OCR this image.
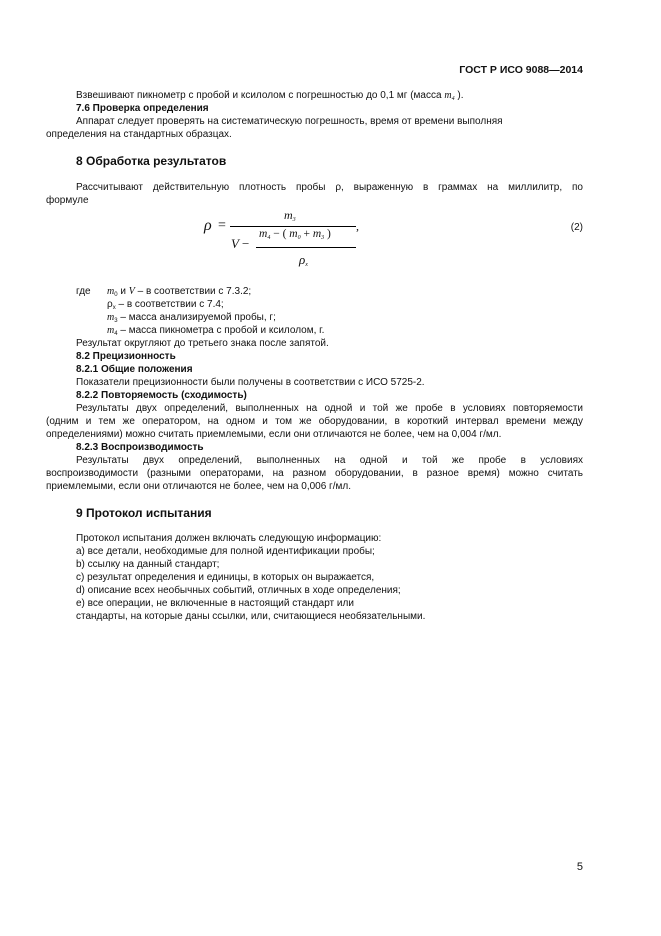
ГОСТ Р ИСО 9088—2014
Взвешивают пикнометр с пробой и ксилолом с погрешностью до 0,1 мг (масса $m_4$ ).
7.6 Проверка определения
Аппарат следует проверять на систематическую погрешность, время от времени выполняя
определения на стандартных образцах.
8 Обработка результатов
Рассчитывают действительную плотность пробы ρ, выраженную в граммах на миллилитр, по
формуле
ρ =
$m_3$	,
V −
$m_4$ − ( $m_0 + m_3$ )
$\rho_x$
(2)
где $m_0$ и V – в соответствии с 7.3.2;
$\rho_x$ – в соответствии с 7.4;
$m_3$ – масса анализируемой пробы, г;
$m_4$ – масса пикнометра с пробой и ксилолом, г.
Результат округляют до третьего знака после запятой.
8.2 Прецизионность
8.2.1 Общие положения
Показатели прецизионности были получены в соответствии с ИСО 5725-2.
8.2.2 Повторяемость (сходимость)
Результаты двух определений, выполненных на одной и той же пробе в условиях повторяемости
(одним и тем же оператором, на одном и том же оборудовании, в короткий интервал времени между
определениями) можно считать приемлемыми, если они отличаются не более, чем на 0,004 г/мл.
8.2.3 Воспроизводимость
Результаты двух определений, выполненных на одной и той же пробе в условиях
воспроизводимости (разными операторами, на разном оборудовании, в разное время) можно считать
приемлемыми, если они отличаются не более, чем на 0,006 г/мл.
9 Протокол испытания
Протокол испытания должен включать следующую информацию:
а) все детали, необходимые для полной идентификации пробы;
b) ссылку на данный стандарт;
c) результат определения и единицы, в которых он выражается,
d) описание всех необычных событий, отличных в ходе определения;
e) все операции, не включенные в настоящий стандарт или
стандарты, на которые даны ссылки, или, считающиеся необязательными.
5
